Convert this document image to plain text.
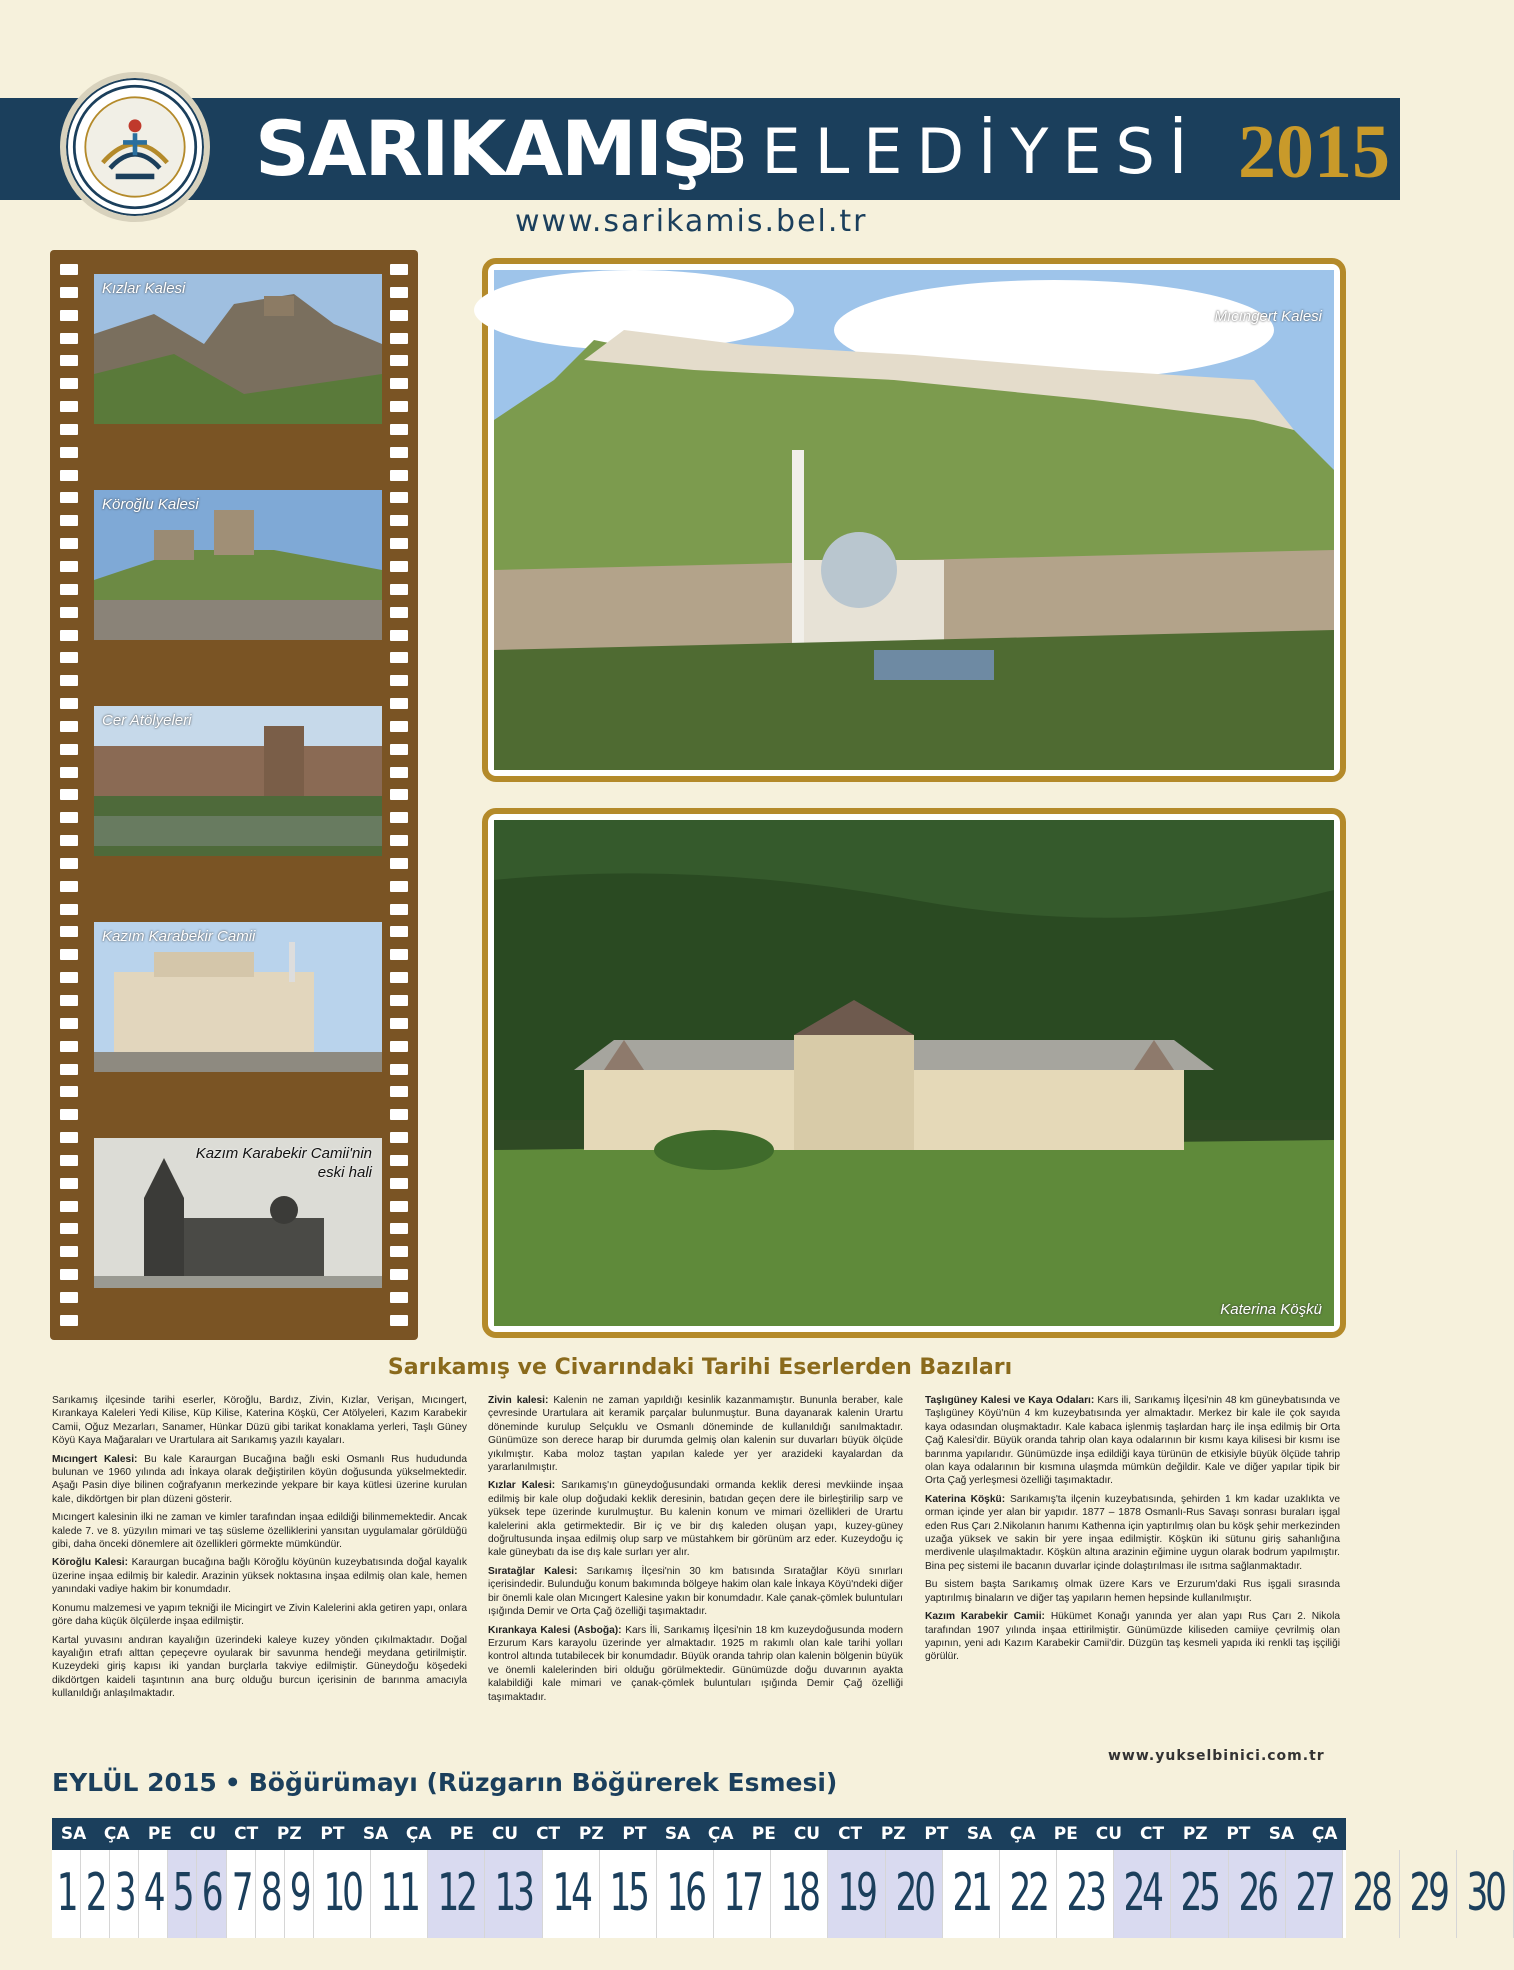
SARIKAMIŞ
BELEDİYESİ 2015
www.sarikamis.bel.tr
Kızlar Kalesi
Köroğlu Kalesi
Cer Atölyeleri
Kazım Karabekir Camii
Kazım Karabekir Camii'nin eski hali
Mıcıngert Kalesi
Katerina Köşkü
Sarıkamış ve Civarındaki Tarihi Eserlerden Bazıları

Sarıkamış ilçesinde tarihi eserler, Köroğlu, Bardız, Zivin, Kızlar, Verişan, Mıcıngert, Kırankaya Kaleleri Yedi Kilise, Küp Kilise, Katerina Köşkü, Cer Atölyeleri, Kazım Karabekir Camii, Oğuz Mezarları, Sanamer, Hünkar Düzü gibi tarikat konaklama yerleri, Taşlı Güney Köyü Kaya Mağaraları ve Urartulara ait Sarıkamış yazılı kayaları.

Mıcıngert Kalesi: Bu kale Karaurgan Bucağına bağlı eski Osmanlı Rus hududunda bulunan ve 1960 yılında adı İnkaya olarak değiştirilen köyün doğusunda yükselmektedir. Aşağı Pasin diye bilinen coğrafyanın merkezinde yekpare bir kaya kütlesi üzerine kurulan kale, dikdörtgen bir plan düzeni gösterir.

Mıcıngert kalesinin ilki ne zaman ve kimler tarafından inşaa edildiği bilinmemektedir. Ancak kalede 7. ve 8. yüzyılın mimari ve taş süsleme özelliklerini yansıtan uygulamalar görüldüğü gibi, daha önceki dönemlere ait özellikleri görmekte mümkündür.

Köroğlu Kalesi: Karaurgan bucağına bağlı Köroğlu köyünün kuzeybatısında doğal kayalık üzerine inşaa edilmiş bir kaledir. Arazinin yüksek noktasına inşaa edilmiş olan kale, hemen yanındaki vadiye hakim bir konumdadır.

Konumu malzemesi ve yapım tekniği ile Micingirt ve Zivin Kalelerini akla getiren yapı, onlara göre daha küçük ölçülerde inşaa edilmiştir.

Kartal yuvasını andıran kayalığın üzerindeki kaleye kuzey yönden çıkılmaktadır. Doğal kayalığın etrafı alttan çepeçevre oyularak bir savunma hendeği meydana getirilmiştir. Kuzeydeki giriş kapısı iki yandan burçlarla takviye edilmiştir. Güneydoğu köşedeki dikdörtgen kaideli taşıntının ana burç olduğu burcun içerisinin de barınma amacıyla kullanıldığı anlaşılmaktadır.

Zivin kalesi: Kalenin ne zaman yapıldığı kesinlik kazanmamıştır. Bununla beraber, kale çevresinde Urartulara ait keramik parçalar bulunmuştur. Buna dayanarak kalenin Urartu döneminde kurulup Selçuklu ve Osmanlı döneminde de kullanıldığı sanılmaktadır. Günümüze son derece harap bir durumda gelmiş olan kalenin sur duvarları büyük ölçüde yıkılmıştır. Kaba moloz taştan yapılan kalede yer yer arazideki kayalardan da yararlanılmıştır.

Kızlar Kalesi: Sarıkamış'ın güneydoğusundaki ormanda keklik deresi mevkiinde inşaa edilmiş bir kale olup doğudaki keklik deresinin, batıdan geçen dere ile birleştirilip sarp ve yüksek tepe üzerinde kurulmuştur. Bu kalenin konum ve mimari özellikleri de Urartu kalelerini akla getirmektedir. Bir iç ve bir dış kaleden oluşan yapı, kuzey-güney doğrultusunda inşaa edilmiş olup sarp ve müstahkem bir görünüm arz eder. Kuzeydoğu iç kale güneybatı da ise dış kale surları yer alır.

Sıratağlar Kalesi: Sarıkamış İlçesi'nin 30 km batısında Sıratağlar Köyü sınırları içerisindedir. Bulunduğu konum bakımında bölgeye hakim olan kale İnkaya Köyü'ndeki diğer bir önemli kale olan Mıcıngert Kalesine yakın bir konumdadır. Kale çanak-çömlek buluntuları ışığında Demir ve Orta Çağ özelliği taşımaktadır.

Kırankaya Kalesi (Asboğa): Kars İli, Sarıkamış İlçesi'nin 18 km kuzeydoğusunda modern Erzurum Kars karayolu üzerinde yer almaktadır. 1925 m rakımlı olan kale tarihi yolları kontrol altında tutabilecek bir konumdadır. Büyük oranda tahrip olan kalenin bölgenin büyük ve önemli kalelerinden biri olduğu görülmektedir. Günümüzde doğu duvarının ayakta kalabildiği kale mimari ve çanak-çömlek buluntuları ışığında Demir Çağ özelliği taşımaktadır.

Taşlıgüney Kalesi ve Kaya Odaları: Kars ili, Sarıkamış İlçesi'nin 48 km güneybatısında ve Taşlıgüney Köyü'nün 4 km kuzeybatısında yer almaktadır. Merkez bir kale ile çok sayıda kaya odasından oluşmaktadır. Kale kabaca işlenmiş taşlardan harç ile inşa edilmiş bir Orta Çağ Kalesi'dir. Büyük oranda tahrip olan kaya odalarının bir kısmı kaya kilisesi bir kısmı ise barınma yapılarıdır. Günümüzde inşa edildiği kaya türünün de etkisiyle büyük ölçüde tahrip olan kaya odalarının bir kısmına ulaşmda mümkün değildir. Kale ve diğer yapılar tipik bir Orta Çağ yerleşmesi özelliği taşımaktadır.

Katerina Köşkü: Sarıkamış'ta ilçenin kuzeybatısında, şehirden 1 km kadar uzaklıkta ve orman içinde yer alan bir yapıdır. 1877 – 1878 Osmanlı-Rus Savaşı sonrası buraları işgal eden Rus Çarı 2.Nikolanın hanımı Kathenna için yaptırılmış olan bu köşk şehir merkezinden uzağa yüksek ve sakin bir yere inşaa edilmiştir. Köşkün iki sütunu giriş sahanlığına merdivenle ulaşılmaktadır. Köşkün altına arazinin eğimine uygun olarak bodrum yapılmıştır. Bina peç sistemi ile bacanın duvarlar içinde dolaştırılması ile ısıtma sağlanmaktadır.

Bu sistem başta Sarıkamış olmak üzere Kars ve Erzurum'daki Rus işgali sırasında yaptırılmış binaların ve diğer taş yapıların hemen hepsinde kullanılmıştır.

Kazım Karabekir Camii: Hükümet Konağı yanında yer alan yapı Rus Çarı 2. Nikola tarafından 1907 yılında inşaa ettirilmiştir. Günümüzde kiliseden camiiye çevrilmiş olan yapının, yeni adı Kazım Karabekir Camii'dir. Düzgün taş kesmeli yapıda iki renkli taş işçiliği görülür.

www.yukselbinici.com.tr
EYLÜL 2015 • Böğürümayı (Rüzgarın Böğürerek Esmesi)
SA	ÇA	PE	CU	CT	PZ	PT	SA	ÇA	PE	CU	CT	PZ	PT	SA	ÇA	PE	CU	CT	PZ	PT	SA	ÇA	PE	CU	CT	PZ	PT	SA	ÇA
1 2 3 4 5 6 7 8 9 10 11 12 13 14 15 16 17 18 19 20 21 22 23 24 25 26 27 28 29 30
